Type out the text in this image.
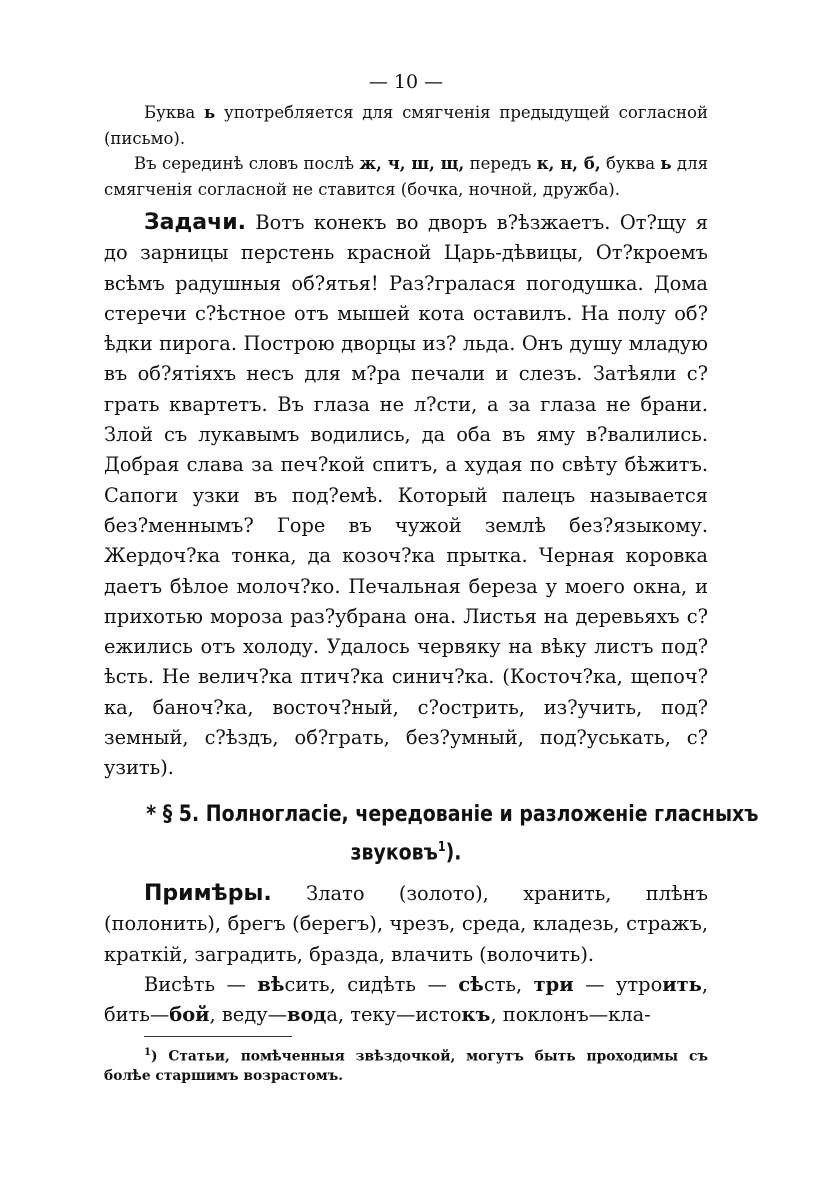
— 10 —

Буква ь употребляется для смягченія предыдущей согласной (письмо).

Въ серединѣ словъ послѣ ж, ч, ш, щ, передъ к, н, б, буква ь для смягченія согласной не ставится (бочка, ночной, дружба).

Задачи. Вотъ конекъ во дворъ в?ѣзжаетъ. От?щу я до зарницы перстень красной Царь-дѣвицы, От?кроемъ всѣмъ радушныя об?ятья! Раз?гралася погодушка. Дома стеречи с?ѣстное отъ мышей кота оставилъ. На полу об?ѣдки пирога. Построю дворцы из? льда. Онъ душу младую въ об?ятіяхъ несъ для м?ра печали и слезъ. Затѣяли с?грать квартетъ. Въ глаза не л?сти, а за глаза не брани. Злой съ лукавымъ водились, да оба въ яму в?валились. Добрая слава за печ?кой спитъ, а худая по свѣту бѣжитъ. Сапоги узки въ под?емѣ. Который палецъ называется без?меннымъ? Горе въ чужой землѣ без?языкому. Жердоч?ка тонка, да козоч?ка прытка. Черная коровка даетъ бѣлое молоч?ко. Печальная береза у моего окна, и прихотью мороза раз?убрана она. Листья на деревьяхъ с?ежились отъ холоду. Удалось червяку на вѣку листъ под?ѣсть. Не велич?ка птич?ка синич?ка. (Косточ?ка, щепоч?ка, баноч?ка, восточ?ный, с?острить, из?учить, под?земный, с?ѣздъ, об?грать, без?умный, под?уськать, с?узить).

* § 5. Полногласіе, чередованіе и разложеніе гласныхъ
звуковъ$^1$).

Примѣры. Злато (золото), хранить, плѣнъ (полонить), брегъ (берегъ), чрезъ, среда, кладезь, стражъ, краткій, заградить, бразда, влачить (волочить).

Висѣть — вѣсить, сидѣть — сѣсть, три — утроить, бить—бой, веду—вода, теку—истокъ, поклонъ—кла-

$^1$) Статьи, помѣченныя звѣздочкой, могутъ быть проходимы съ болѣе старшимъ возрастомъ.
